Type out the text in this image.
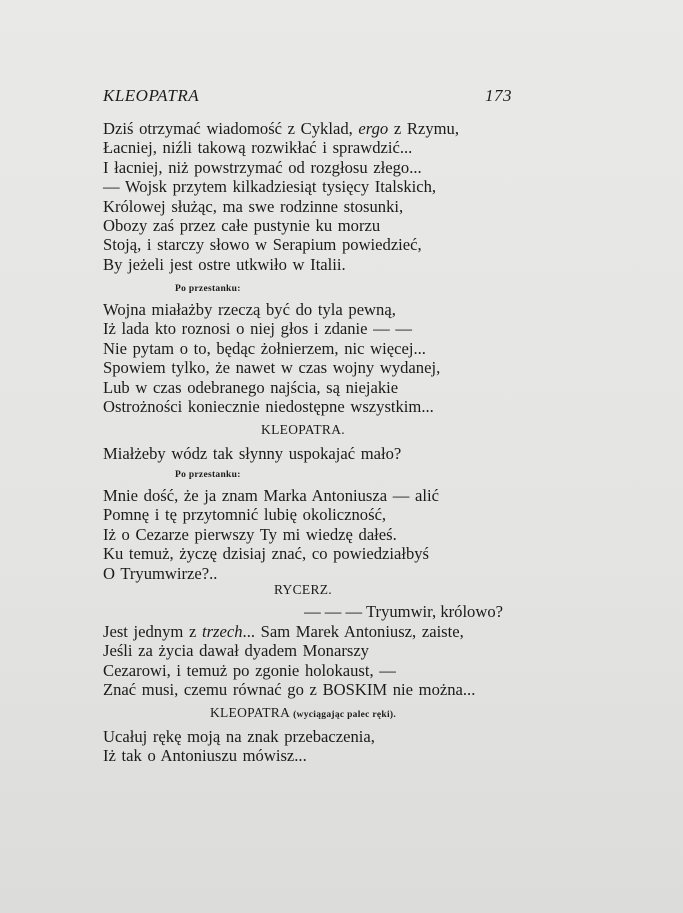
KLEOPATRA	173
Dziś otrzymać wiadomość z Cyklad, ergo z Rzymu,
Łacniej, niźli takową rozwikłać i sprawdzić...
I łacniej, niż powstrzymać od rozgłosu złego...
— Wojsk przytem kilkadziesiąt tysięcy Italskich,
Królowej służąc, ma swe rodzinne stosunki,
Obozy zaś przez całe pustynie ku morzu
Stoją, i starczy słowo w Serapium powiedzieć,
By jeżeli jest ostre utkwiło w Italii.
Po przestanku:
Wojna miałażby rzeczą być do tyla pewną,
Iż lada kto roznosi o niej głos i zdanie — —
Nie pytam o to, będąc żołnierzem, nic więcej...
Spowiem tylko, że nawet w czas wojny wydanej,
Lub w czas odebranego najścia, są niejakie
Ostrożności koniecznie niedostępne wszystkim...
KLEOPATRA.
Miałżeby wódz tak słynny uspokajać mało?
Po przestanku:
Mnie dość, że ja znam Marka Antoniusza — alić
Pomnę i tę przytomnić lubię okoliczność,
Iż o Cezarze pierwszy Ty mi wiedzę dałeś.
Ku temuż, życzę dzisiaj znać, co powiedziałbyś
O Tryumwirze?..
RYCERZ.
— — — Tryumwir, królowo?
Jest jednym z trzech... Sam Marek Antoniusz, zaiste,
Jeśli za życia dawał dyadem Monarszy
Cezarowi, i temuż po zgonie holokaust, —
Znać musi, czemu równać go z BOSKIM nie można...
KLEOPATRA (wyciągając palec ręki).
Ucałuj rękę moją na znak przebaczenia,
Iż tak o Antoniuszu mówisz...
